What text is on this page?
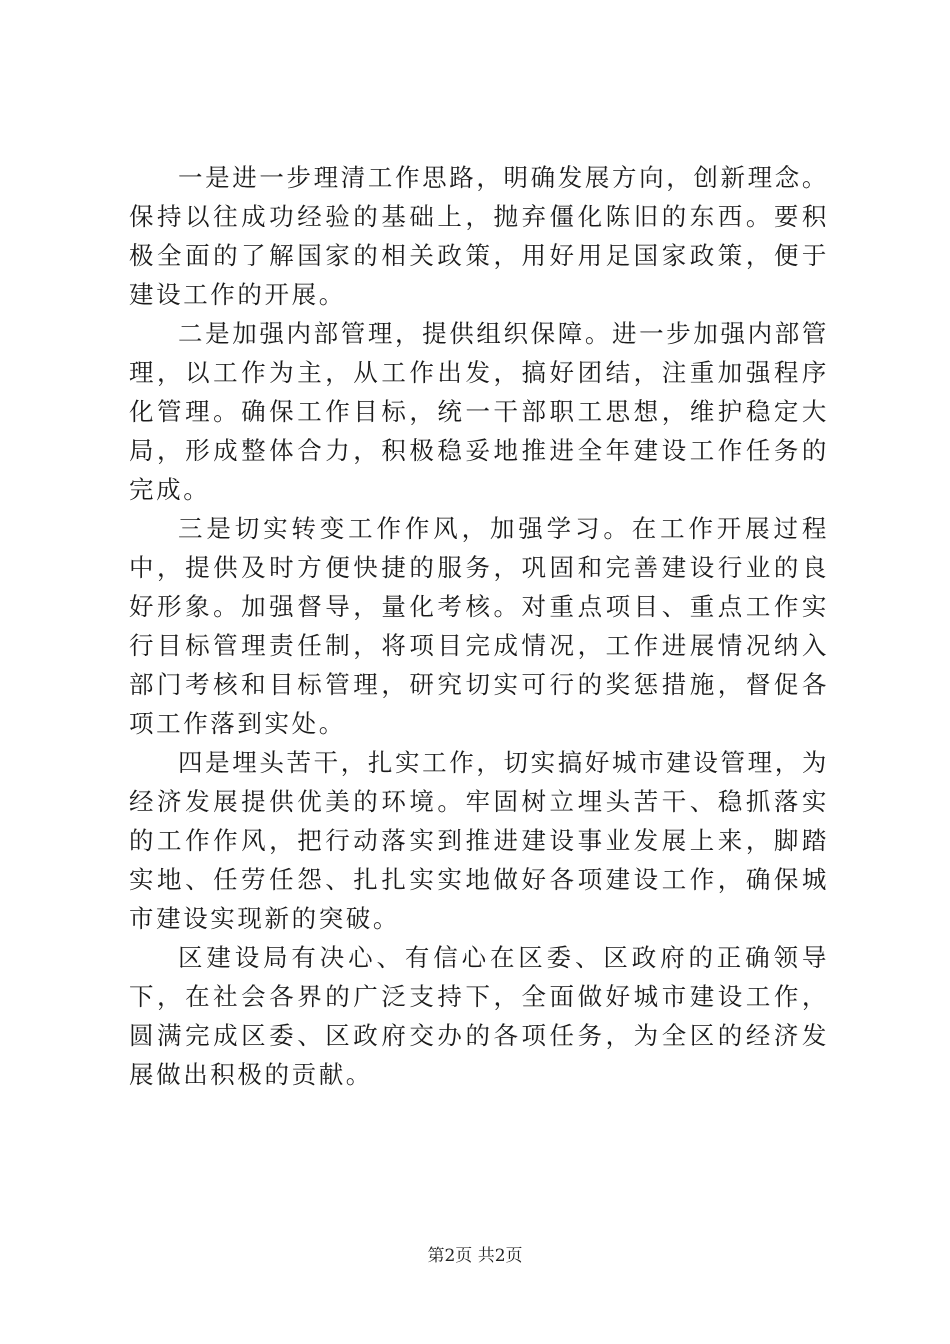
一是进一步理清工作思路，明确发展方向，创新理念。保持以往成功经验的基础上，抛弃僵化陈旧的东西。要积极全面的了解国家的相关政策，用好用足国家政策，便于建设工作的开展。

二是加强内部管理，提供组织保障。进一步加强内部管理，以工作为主，从工作出发，搞好团结，注重加强程序化管理。确保工作目标，统一干部职工思想，维护稳定大局，形成整体合力，积极稳妥地推进全年建设工作任务的完成。

三是切实转变工作作风，加强学习。在工作开展过程中，提供及时方便快捷的服务，巩固和完善建设行业的良好形象。加强督导，量化考核。对重点项目、重点工作实行目标管理责任制，将项目完成情况，工作进展情况纳入部门考核和目标管理，研究切实可行的奖惩措施，督促各项工作落到实处。

四是埋头苦干，扎实工作，切实搞好城市建设管理，为经济发展提供优美的环境。牢固树立埋头苦干、稳抓落实的工作作风，把行动落实到推进建设事业发展上来，脚踏实地、任劳任怨、扎扎实实地做好各项建设工作，确保城市建设实现新的突破。

区建设局有决心、有信心在区委、区政府的正确领导下，在社会各界的广泛支持下，全面做好城市建设工作，圆满完成区委、区政府交办的各项任务，为全区的经济发展做出积极的贡献。

第2页 共2页
